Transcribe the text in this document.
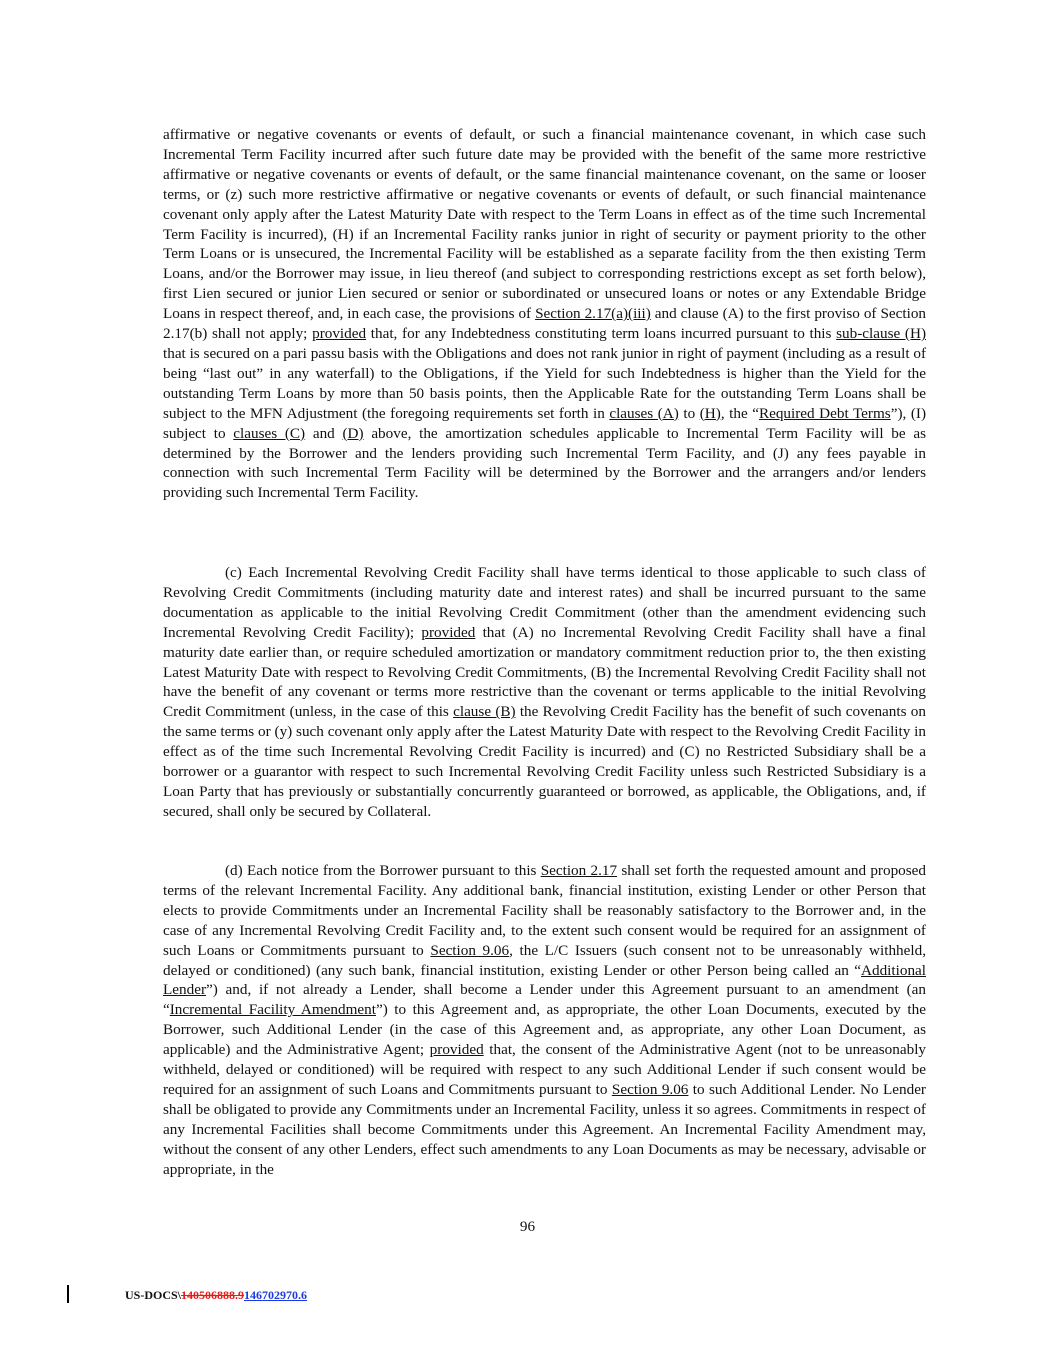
affirmative or negative covenants or events of default, or such a financial maintenance covenant, in which case such Incremental Term Facility incurred after such future date may be provided with the benefit of the same more restrictive affirmative or negative covenants or events of default, or the same financial maintenance covenant, on the same or looser terms, or (z) such more restrictive affirmative or negative covenants or events of default, or such financial maintenance covenant only apply after the Latest Maturity Date with respect to the Term Loans in effect as of the time such Incremental Term Facility is incurred), (H) if an Incremental Facility ranks junior in right of security or payment priority to the other Term Loans or is unsecured, the Incremental Facility will be established as a separate facility from the then existing Term Loans, and/or the Borrower may issue, in lieu thereof (and subject to corresponding restrictions except as set forth below), first Lien secured or junior Lien secured or senior or subordinated or unsecured loans or notes or any Extendable Bridge Loans in respect thereof, and, in each case, the provisions of Section 2.17(a)(iii) and clause (A) to the first proviso of Section 2.17(b) shall not apply; provided that, for any Indebtedness constituting term loans incurred pursuant to this sub-clause (H) that is secured on a pari passu basis with the Obligations and does not rank junior in right of payment (including as a result of being “last out” in any waterfall) to the Obligations, if the Yield for such Indebtedness is higher than the Yield for the outstanding Term Loans by more than 50 basis points, then the Applicable Rate for the outstanding Term Loans shall be subject to the MFN Adjustment (the foregoing requirements set forth in clauses (A) to (H), the “Required Debt Terms”), (I) subject to clauses (C) and (D) above, the amortization schedules applicable to Incremental Term Facility will be as determined by the Borrower and the lenders providing such Incremental Term Facility, and (J) any fees payable in connection with such Incremental Term Facility will be determined by the Borrower and the arrangers and/or lenders providing such Incremental Term Facility.

(c) Each Incremental Revolving Credit Facility shall have terms identical to those applicable to such class of Revolving Credit Commitments (including maturity date and interest rates) and shall be incurred pursuant to the same documentation as applicable to the initial Revolving Credit Commitment (other than the amendment evidencing such Incremental Revolving Credit Facility); provided that (A) no Incremental Revolving Credit Facility shall have a final maturity date earlier than, or require scheduled amortization or mandatory commitment reduction prior to, the then existing Latest Maturity Date with respect to Revolving Credit Commitments, (B) the Incremental Revolving Credit Facility shall not have the benefit of any covenant or terms more restrictive than the covenant or terms applicable to the initial Revolving Credit Commitment (unless, in the case of this clause (B) the Revolving Credit Facility has the benefit of such covenants on the same terms or (y) such covenant only apply after the Latest Maturity Date with respect to the Revolving Credit Facility in effect as of the time such Incremental Revolving Credit Facility is incurred) and (C) no Restricted Subsidiary shall be a borrower or a guarantor with respect to such Incremental Revolving Credit Facility unless such Restricted Subsidiary is a Loan Party that has previously or substantially concurrently guaranteed or borrowed, as applicable, the Obligations, and, if secured, shall only be secured by Collateral.

(d) Each notice from the Borrower pursuant to this Section 2.17 shall set forth the requested amount and proposed terms of the relevant Incremental Facility. Any additional bank, financial institution, existing Lender or other Person that elects to provide Commitments under an Incremental Facility shall be reasonably satisfactory to the Borrower and, in the case of any Incremental Revolving Credit Facility and, to the extent such consent would be required for an assignment of such Loans or Commitments pursuant to Section 9.06, the L/C Issuers (such consent not to be unreasonably withheld, delayed or conditioned) (any such bank, financial institution, existing Lender or other Person being called an “Additional Lender”) and, if not already a Lender, shall become a Lender under this Agreement pursuant to an amendment (an “Incremental Facility Amendment”) to this Agreement and, as appropriate, the other Loan Documents, executed by the Borrower, such Additional Lender (in the case of this Agreement and, as appropriate, any other Loan Document, as applicable) and the Administrative Agent; provided that, the consent of the Administrative Agent (not to be unreasonably withheld, delayed or conditioned) will be required with respect to any such Additional Lender if such consent would be required for an assignment of such Loans and Commitments pursuant to Section 9.06 to such Additional Lender. No Lender shall be obligated to provide any Commitments under an Incremental Facility, unless it so agrees. Commitments in respect of any Incremental Facilities shall become Commitments under this Agreement. An Incremental Facility Amendment may, without the consent of any other Lenders, effect such amendments to any Loan Documents as may be necessary, advisable or appropriate, in the

96
US-DOCS\140506888.9146702970.6
